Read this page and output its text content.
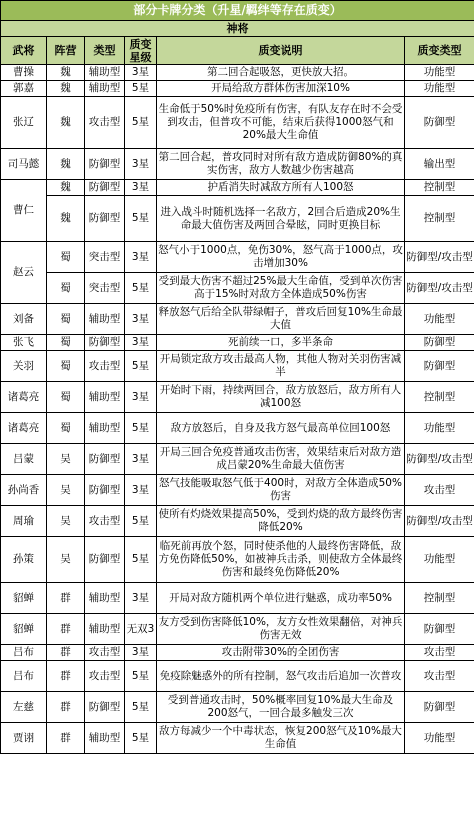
部分卡牌分类（升星/羁绊等存在质变）					
神将					
武将	阵营	类型	质变星级	质变说明	质变类型
曹操	魏	辅助型	3星	第二回合起吸怒，更快放大招。	功能型
郭嘉	魏	辅助型	5星	开局给敌方群体伤害加深10%	功能型
张辽	魏	攻击型	5星	生命低于50%时免疫所有伤害，有队友存在时不会受到攻击，但普攻不可能，结束后获得1000怒气和20%最大生命值	防御型
司马懿	魏	防御型	3星	第二回合起，普攻同时对所有敌方造成防御80%的真实伤害，敌方人数越少伤害越高	输出型
曹仁	魏	防御型	3星	护盾消失时减敌方所有人100怒	控制型
	魏	防御型	5星	进入战斗时随机选择一名敌方，2回合后造成20%生命最大值伤害及两回合晕眩，同时更换目标	控制型
赵云	蜀	突击型	3星	怒气小于1000点，免伤30%，怒气高于1000点，攻击增加30%	防御型/攻击型
	蜀	突击型	5星	受到最大伤害不超过25%最大生命值，受到单次伤害高于15%时对敌方全体造成50%伤害	防御型/攻击型
刘备	蜀	辅助型	3星	释放怒气后给全队带绿帽子，普攻后回复10%生命最大值	功能型
张飞	蜀	防御型	3星	死前续一口，多半条命	防御型
关羽	蜀	攻击型	5星	开局锁定敌方攻击最高人物，其他人物对关羽伤害减半	防御型
诸葛亮	蜀	辅助型	3星	开始时下雨，持续两回合，敌方放怒后，敌方所有人减100怒	控制型
诸葛亮	蜀	辅助型	5星	敌方放怒后，自身及我方怒气最高单位回100怒	功能型
吕蒙	吴	防御型	3星	开局三回合免疫普通攻击伤害，效果结束后对敌方造成吕蒙20%生命最大值伤害	防御型/攻击型
孙尚香	吴	防御型	3星	怒气技能吸取怒气低于400时，对敌方全体造成50%伤害	攻击型
周瑜	吴	攻击型	5星	使所有灼烧效果提高50%，受到灼烧的敌方最终伤害降低20%	防御型/攻击型
孙策	吴	防御型	5星	临死前再放个怒，同时使杀他的人最终伤害降低，敌方免伤降低50%，如被神兵击杀，则使敌方全体最终伤害和最终免伤降低20%	功能型
貂蝉	群	辅助型	3星	开局对敌方随机两个单位进行魅惑，成功率50%	控制型
貂蝉	群	辅助型	无双3	友方受到伤害降低10%，友方女性效果翻倍，对神兵伤害无效	防御型
吕布	群	攻击型	3星	攻击附带30%的全团伤害	攻击型
吕布	群	攻击型	5星	免疫除魅惑外的所有控制，怒气攻击后追加一次普攻	攻击型
左慈	群	防御型	5星	受到普通攻击时，50%概率回复10%最大生命及200怒气，一回合最多触发三次	防御型
贾诩	群	辅助型	5星	敌方每减少一个中毒状态，恢复200怒气及10%最大生命值	功能型
